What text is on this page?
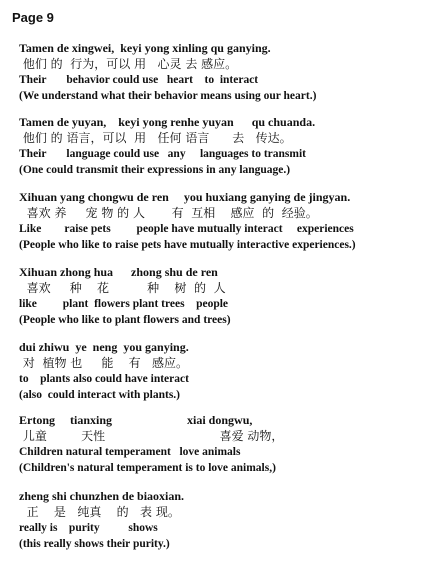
Page 9
Tamen de xingwei,  keyi yong xinling qu ganying.
他们 的  行为，可以 用   心灵 去 感应。
Their       behavior could use   heart    to  interact
(We understand what their behavior means using our heart.)
Tamen de yuyan,    keyi yong renhe yuyan      qu chuanda.
他们 的 语言，可以  用   任何 语言      去   传达。
Their       language could use   any     languages to transmit
(One could transmit their expressions in any language.)
Xihuan yang chongwu de ren     you huxiang ganying de jingyan.
喜欢 养     宠 物 的 人       有  互相    感应  的  经验。
Like        raise pets         people have mutually interact     experiences
(People who like to raise pets have mutually interactive experiences.)
Xihuan zhong hua      zhong shu de ren
喜欢     种    花          种    树  的  人
like         plant  flowers plant trees    people
(People who like to plant flowers and trees)
dui zhiwu  ye  neng  you ganying.
对  植物 也     能    有   感应。
to    plants also could have interact
(also  could interact with plants.)
Ertong     tianxing                         xiai dongwu,
儿童         天性                              喜爱 动物，
Children natural temperament   love animals
(Children's natural temperament is to love animals,)
zheng shi chunzhen de biaoxian.
正    是   纯真    的   表 现。
really is    purity          shows
(this really shows their purity.)
